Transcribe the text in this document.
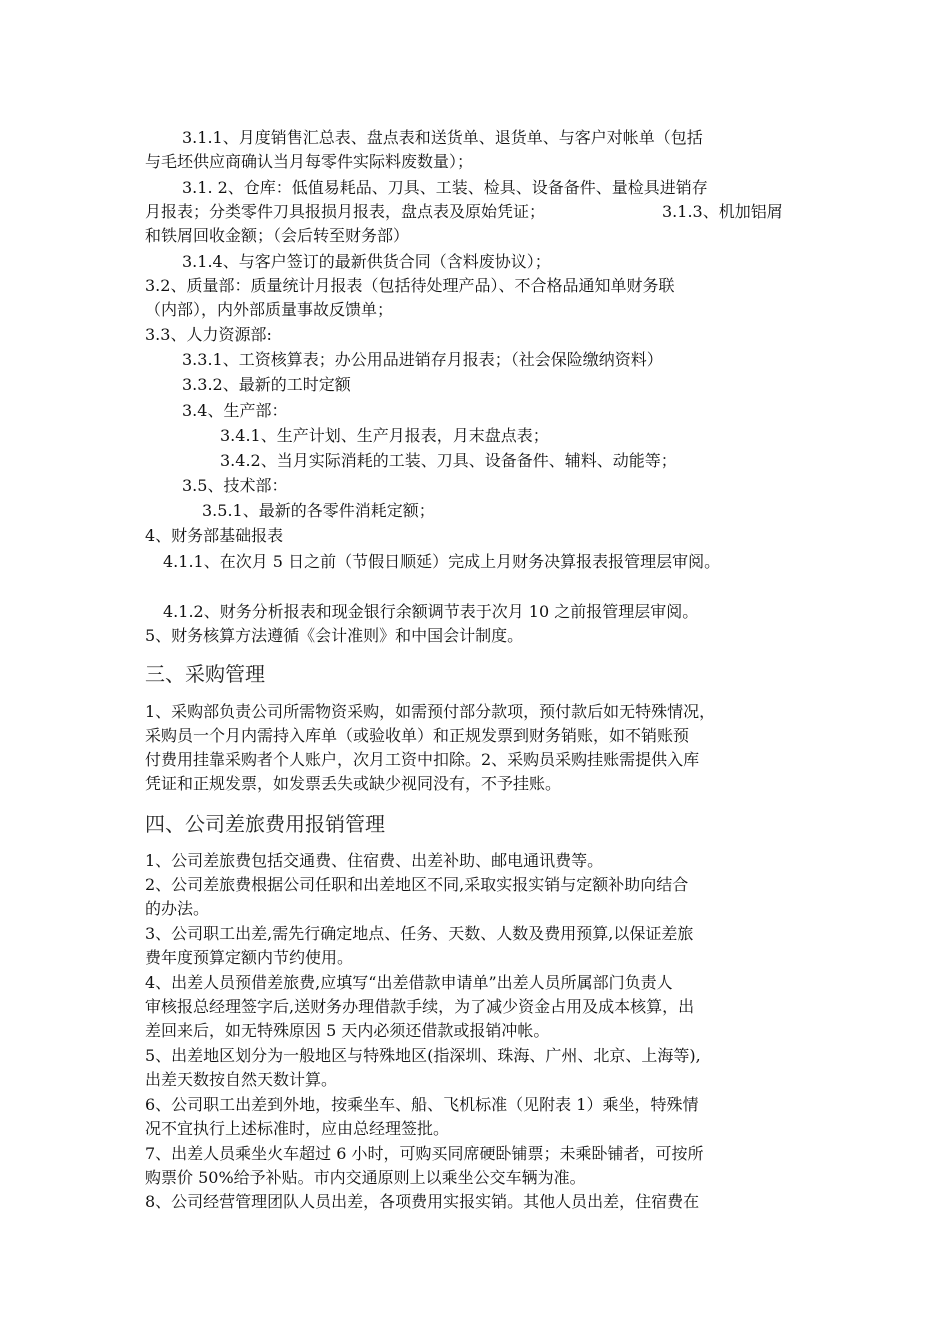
3.1.1、月度销售汇总表、盘点表和送货单、退货单、与客户对帐单（包括
与毛坯供应商确认当月每零件实际料废数量）；
3.1. 2、仓库：低值易耗品、刀具、工装、检具、设备备件、量检具进销存
月报表；分类零件刀具报损月报表，盘点表及原始凭证；	3.1.3、机加铝屑
和铁屑回收金额；（会后转至财务部）
3.1.4、与客户签订的最新供货合同（含料废协议）；
3.2、质量部：质量统计月报表（包括待处理产品）、不合格品通知单财务联
（内部），内外部质量事故反馈单；
3.3、人力资源部:
3.3.1、工资核算表；办公用品进销存月报表；（社会保险缴纳资料）
3.3.2、最新的工时定额
3.4、生产部：
3.4.1、生产计划、生产月报表，月末盘点表；
3.4.2、当月实际消耗的工装、刀具、设备备件、辅料、动能等；
3.5、技术部：
3.5.1、最新的各零件消耗定额；
4、财务部基础报表
4.1.1、在次月 5 日之前（节假日顺延）完成上月财务决算报表报管理层审阅。
4.1.2、财务分析报表和现金银行余额调节表于次月 10 之前报管理层审阅。
5、财务核算方法遵循《会计准则》和中国会计制度。
三、采购管理
1、采购部负责公司所需物资采购，如需预付部分款项，预付款后如无特殊情况，
采购员一个月内需持入库单（或验收单）和正规发票到财务销账，如不销账预
付费用挂靠采购者个人账户，次月工资中扣除。2、采购员采购挂账需提供入库
凭证和正规发票，如发票丢失或缺少视同没有，不予挂账。
四、公司差旅费用报销管理
1、公司差旅费包括交通费、住宿费、出差补助、邮电通讯费等。
2、公司差旅费根据公司任职和出差地区不同,采取实报实销与定额补助向结合
的办法。
3、公司职工出差,需先行确定地点、任务、天数、人数及费用预算,以保证差旅
费年度预算定额内节约使用。
4、出差人员预借差旅费,应填写“出差借款申请单”出差人员所属部门负责人
审核报总经理签字后,送财务办理借款手续，为了减少资金占用及成本核算，出
差回来后，如无特殊原因 5 天内必须还借款或报销冲帐。
5、出差地区划分为一般地区与特殊地区(指深圳、珠海、广州、北京、上海等),
出差天数按自然天数计算。
6、公司职工出差到外地，按乘坐车、船、飞机标准（见附表 1）乘坐，特殊情
况不宜执行上述标准时，应由总经理签批。
7、出差人员乘坐火车超过 6 小时，可购买同席硬卧铺票；未乘卧铺者，可按所
购票价 50%给予补贴。市内交通原则上以乘坐公交车辆为准。
8、公司经营管理团队人员出差，各项费用实报实销。其他人员出差，住宿费在
